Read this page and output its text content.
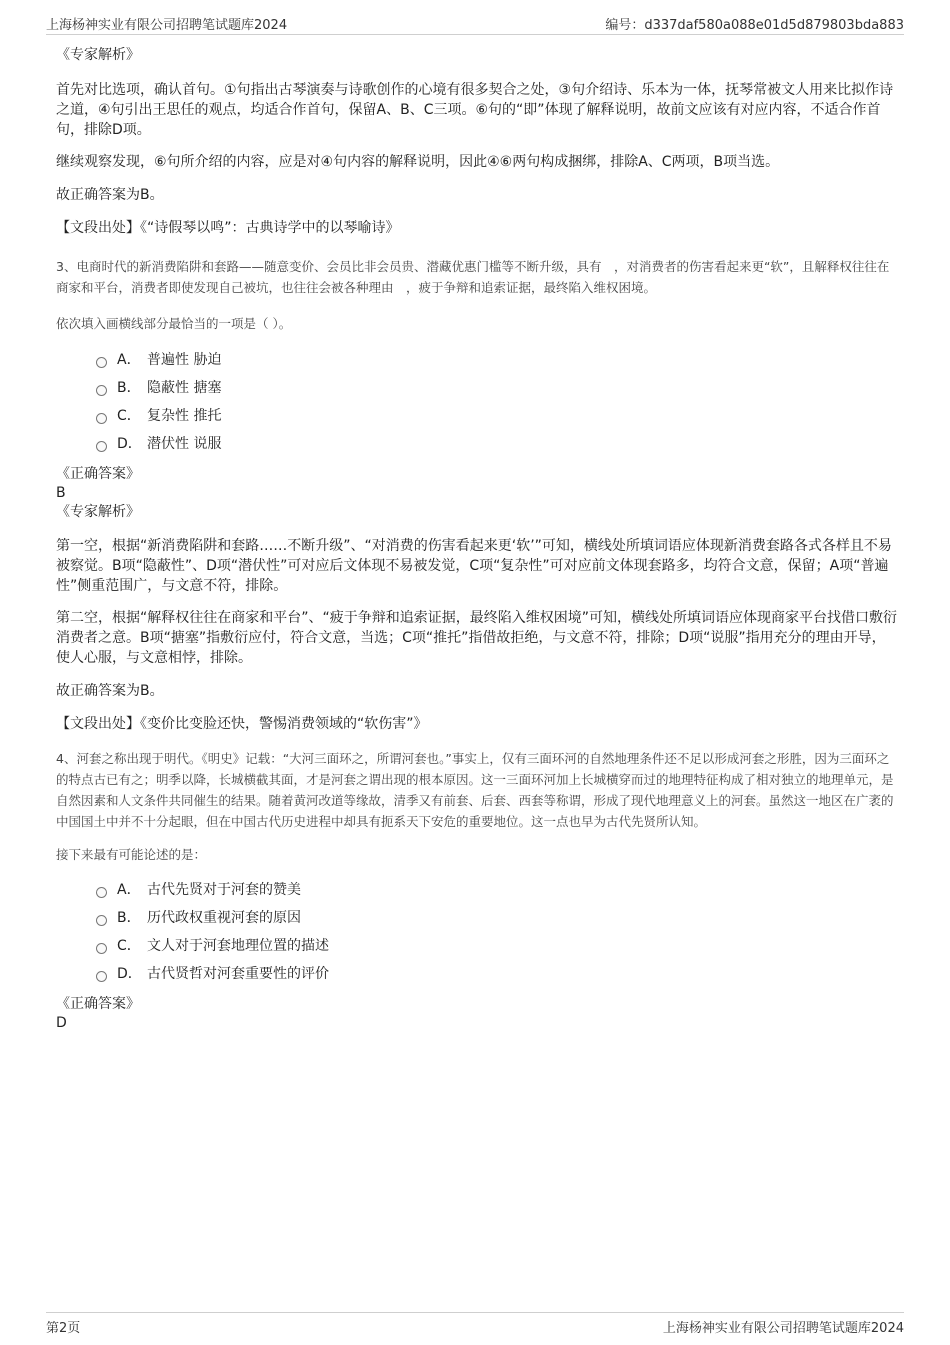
上海杨神实业有限公司招聘笔试题库2024	编号：d337daf580a088e01d5d879803bda883

《专家解析》

首先对比选项，确认首句。①句指出古琴演奏与诗歌创作的心境有很多契合之处，③句介绍诗、乐本为一体，抚琴常被文人用来比拟作诗之道，④句引出王思任的观点，均适合作首句，保留A、B、C三项。⑥句的“即”体现了解释说明，故前文应该有对应内容，不适合作首句，排除D项。

继续观察发现，⑥句所介绍的内容，应是对④句内容的解释说明，因此④⑥两句构成捆绑，排除A、C两项，B项当选。

故正确答案为B。

【文段出处】《“诗假琴以鸣”：古典诗学中的以琴喻诗》

3、电商时代的新消费陷阱和套路——随意变价、会员比非会员贵、潜藏优惠门槛等不断升级，具有　，对消费者的伤害看起来更“软”，且解释权往往在商家和平台，消费者即使发现自己被坑，也往往会被各种理由　，疲于争辩和追索证据，最终陷入维权困境。

依次填入画横线部分最恰当的一项是（ ）。

A． 普遍性 胁迫
B． 隐蔽性 搪塞
C． 复杂性 推托
D． 潜伏性 说服

《正确答案》

B

《专家解析》

第一空，根据“新消费陷阱和套路……不断升级”、“对消费的伤害看起来更‘软’”可知，横线处所填词语应体现新消费套路各式各样且不易被察觉。B项“隐蔽性”、D项“潜伏性”可对应后文体现不易被发觉，C项“复杂性”可对应前文体现套路多，均符合文意，保留；A项“普遍性”侧重范围广，与文意不符，排除。

第二空，根据“解释权往往在商家和平台”、“疲于争辩和追索证据，最终陷入维权困境”可知，横线处所填词语应体现商家平台找借口敷衍消费者之意。B项“搪塞”指敷衍应付，符合文意，当选；C项“推托”指借故拒绝，与文意不符，排除；D项“说服”指用充分的理由开导，使人心服，与文意相悖，排除。

故正确答案为B。

【文段出处】《变价比变脸还快，警惕消费领域的“软伤害”》

4、河套之称出现于明代。《明史》记载：“大河三面环之，所谓河套也。”事实上，仅有三面环河的自然地理条件还不足以形成河套之形胜，因为三面环之的特点古已有之；明季以降，长城横截其面，才是河套之谓出现的根本原因。这一三面环河加上长城横穿而过的地理特征构成了相对独立的地理单元，是自然因素和人文条件共同催生的结果。随着黄河改道等缘故，清季又有前套、后套、西套等称谓，形成了现代地理意义上的河套。虽然这一地区在广袤的中国国土中并不十分起眼，但在中国古代历史进程中却具有扼系天下安危的重要地位。这一点也早为古代先贤所认知。

接下来最有可能论述的是：

A． 古代先贤对于河套的赞美
B． 历代政权重视河套的原因
C． 文人对于河套地理位置的描述
D． 古代贤哲对河套重要性的评价

《正确答案》

D

第2页	上海杨神实业有限公司招聘笔试题库2024
